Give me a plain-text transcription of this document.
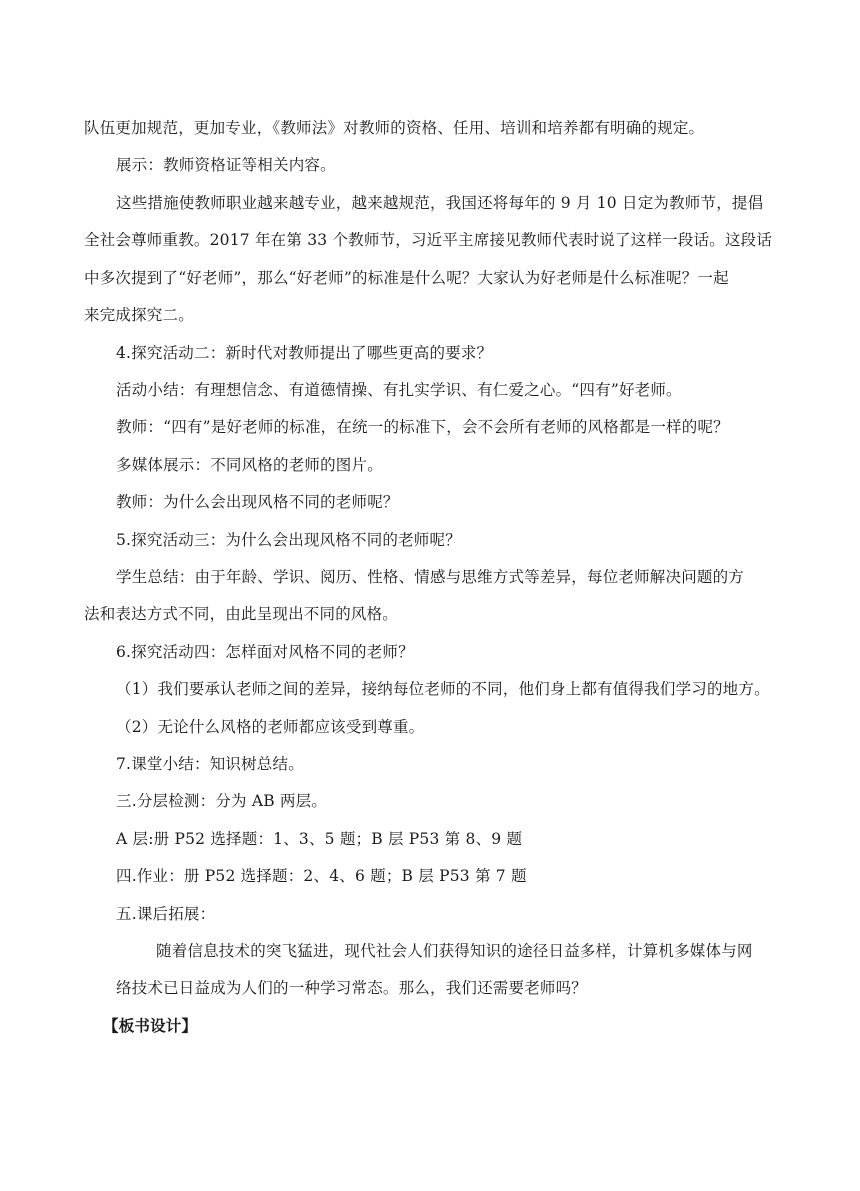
队伍更加规范，更加专业，《教师法》对教师的资格、任用、培训和培养都有明确的规定。
展示：教师资格证等相关内容。
这些措施使教师职业越来越专业，越来越规范，我国还将每年的 9 月 10 日定为教师节，提倡
全社会尊师重教。2017 年在第 33 个教师节，习近平主席接见教师代表时说了这样一段话。这段话
中多次提到了“好老师”，那么“好老师”的标准是什么呢？大家认为好老师是什么标准呢？一起
来完成探究二。
4.探究活动二：新时代对教师提出了哪些更高的要求？
活动小结：有理想信念、有道德情操、有扎实学识、有仁爱之心。“四有”好老师。
教师：“四有”是好老师的标准，在统一的标准下，会不会所有老师的风格都是一样的呢？
多媒体展示：不同风格的老师的图片。
教师：为什么会出现风格不同的老师呢？
5.探究活动三：为什么会出现风格不同的老师呢？
学生总结：由于年龄、学识、阅历、性格、情感与思维方式等差异，每位老师解决问题的方
法和表达方式不同，由此呈现出不同的风格。
6.探究活动四：怎样面对风格不同的老师？
（1）我们要承认老师之间的差异，接纳每位老师的不同，他们身上都有值得我们学习的地方。
（2）无论什么风格的老师都应该受到尊重。
7.课堂小结：知识树总结。
三.分层检测：分为 AB 两层。
A 层:册 P52 选择题：1、3、5 题；B 层 P53 第 8、9 题
四.作业：册 P52 选择题：2、4、6 题；B 层 P53 第 7 题
五.课后拓展：
随着信息技术的突飞猛进，现代社会人们获得知识的途径日益多样，计算机多媒体与网
络技术已日益成为人们的一种学习常态。那么，我们还需要老师吗？
【板书设计】
